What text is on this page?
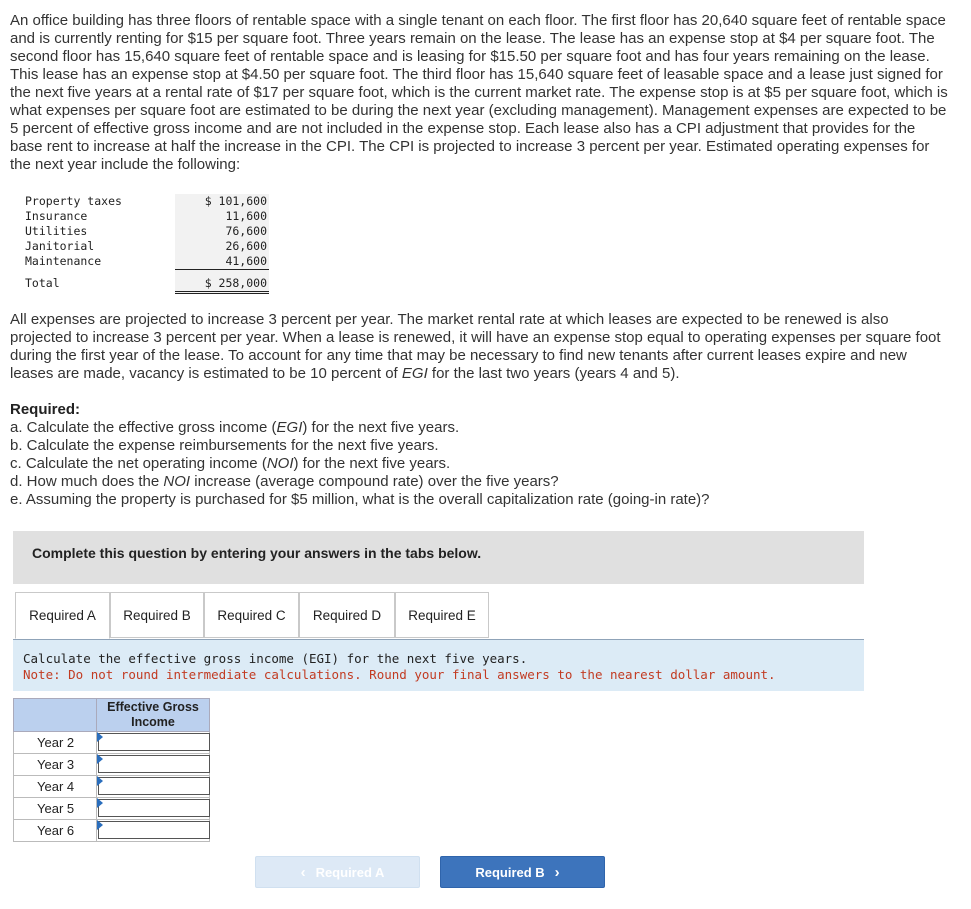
An office building has three floors of rentable space with a single tenant on each floor. The first floor has 20,640 square feet of rentable space and is currently renting for $15 per square foot. Three years remain on the lease. The lease has an expense stop at $4 per square foot. The second floor has 15,640 square feet of rentable space and is leasing for $15.50 per square foot and has four years remaining on the lease. This lease has an expense stop at $4.50 per square foot. The third floor has 15,640 square feet of leasable space and a lease just signed for the next five years at a rental rate of $17 per square foot, which is the current market rate. The expense stop is at $5 per square foot, which is what expenses per square foot are estimated to be during the next year (excluding management). Management expenses are expected to be 5 percent of effective gross income and are not included in the expense stop. Each lease also has a CPI adjustment that provides for the base rent to increase at half the increase in the CPI. The CPI is projected to increase 3 percent per year. Estimated operating expenses for the next year include the following:

Property taxes	$ 101,600
Insurance	11,600
Utilities	76,600
Janitorial	26,600
Maintenance	41,600
Total	$ 258,000

All expenses are projected to increase 3 percent per year. The market rental rate at which leases are expected to be renewed is also projected to increase 3 percent per year. When a lease is renewed, it will have an expense stop equal to operating expenses per square foot during the first year of the lease. To account for any time that may be necessary to find new tenants after current leases expire and new leases are made, vacancy is estimated to be 10 percent of EGI for the last two years (years 4 and 5).

Required:
a. Calculate the effective gross income (EGI) for the next five years.
b. Calculate the expense reimbursements for the next five years.
c. Calculate the net operating income (NOI) for the next five years.
d. How much does the NOI increase (average compound rate) over the five years?
e. Assuming the property is purchased for $5 million, what is the overall capitalization rate (going-in rate)?
Complete this question by entering your answers in the tabs below.
Required A	Required B	Required C	Required D	Required E
Calculate the effective gross income (EGI) for the next five years.
Note: Do not round intermediate calculations. Round your final answers to the nearest dollar amount.
	Effective Gross Income
Year 2	

Year 3	

Year 4	

Year 5	

Year 6	
‹ Required A	Required B ›
